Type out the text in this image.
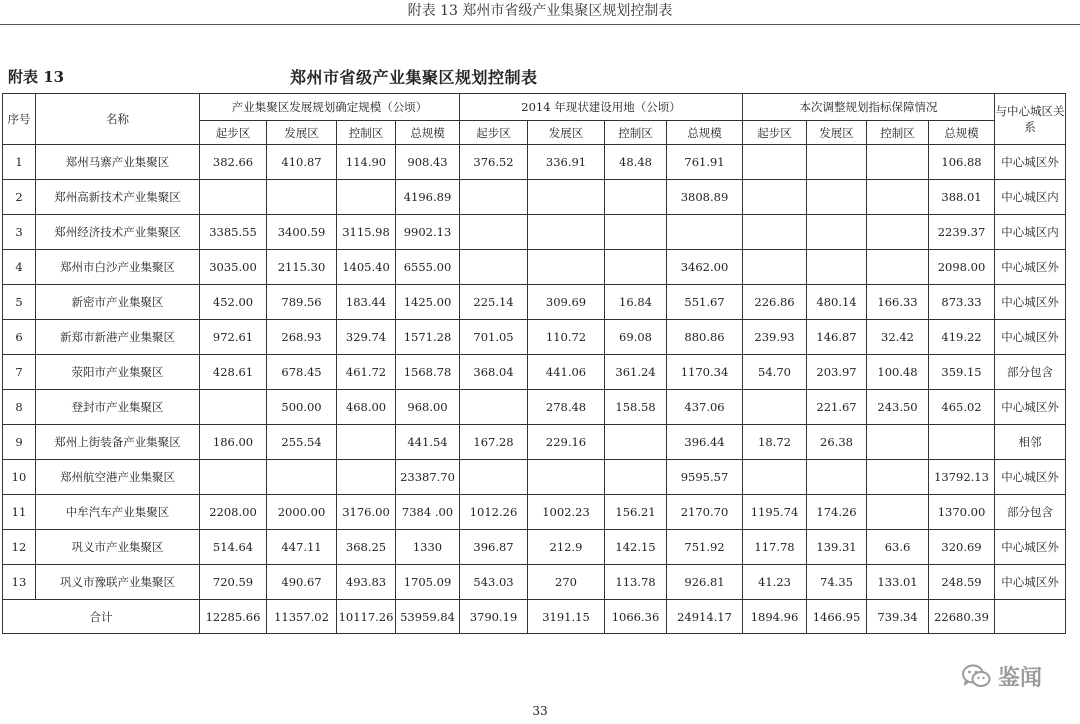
附表 13 郑州市省级产业集聚区规划控制表
附表 13	郑州市省级产业集聚区规划控制表
序号	名称	产业集聚区发展规划确定规模（公顷）				2014 年现状建设用地（公顷）				本次调整规划指标保障情况				与中心城区关系
		起步区	发展区	控制区	总规模	起步区	发展区	控制区	总规模	起步区	发展区	控制区	总规模	
1	郑州马寨产业集聚区	382.66	410.87	114.90	908.43	376.52	336.91	48.48	761.91				106.88	中心城区外
2	郑州高新技术产业集聚区				4196.89				3808.89				388.01	中心城区内
3	郑州经济技术产业集聚区	3385.55	3400.59	3115.98	9902.13								2239.37	中心城区内
4	郑州市白沙产业集聚区	3035.00	2115.30	1405.40	6555.00				3462.00				2098.00	中心城区外
5	新密市产业集聚区	452.00	789.56	183.44	1425.00	225.14	309.69	16.84	551.67	226.86	480.14	166.33	873.33	中心城区外
6	新郑市新港产业集聚区	972.61	268.93	329.74	1571.28	701.05	110.72	69.08	880.86	239.93	146.87	32.42	419.22	中心城区外
7	荥阳市产业集聚区	428.61	678.45	461.72	1568.78	368.04	441.06	361.24	1170.34	54.70	203.97	100.48	359.15	部分包含
8	登封市产业集聚区		500.00	468.00	968.00		278.48	158.58	437.06		221.67	243.50	465.02	中心城区外
9	郑州上街装备产业集聚区	186.00	255.54		441.54	167.28	229.16		396.44	18.72	26.38			相邻
10	郑州航空港产业集聚区				23387.70				9595.57				13792.13	中心城区外
11	中牟汽车产业集聚区	2208.00	2000.00	3176.00	7384 .00	1012.26	1002.23	156.21	2170.70	1195.74	174.26		1370.00	部分包含
12	巩义市产业集聚区	514.64	447.11	368.25	1330	396.87	212.9	142.15	751.92	117.78	139.31	63.6	320.69	中心城区外
13	巩义市豫联产业集聚区	720.59	490.67	493.83	1705.09	543.03	270	113.78	926.81	41.23	74.35	133.01	248.59	中心城区外
合计		12285.66	11357.02	10117.26	53959.84	3790.19	3191.15	1066.36	24914.17	1894.96	1466.95	739.34	22680.39	
33
鉴闻
